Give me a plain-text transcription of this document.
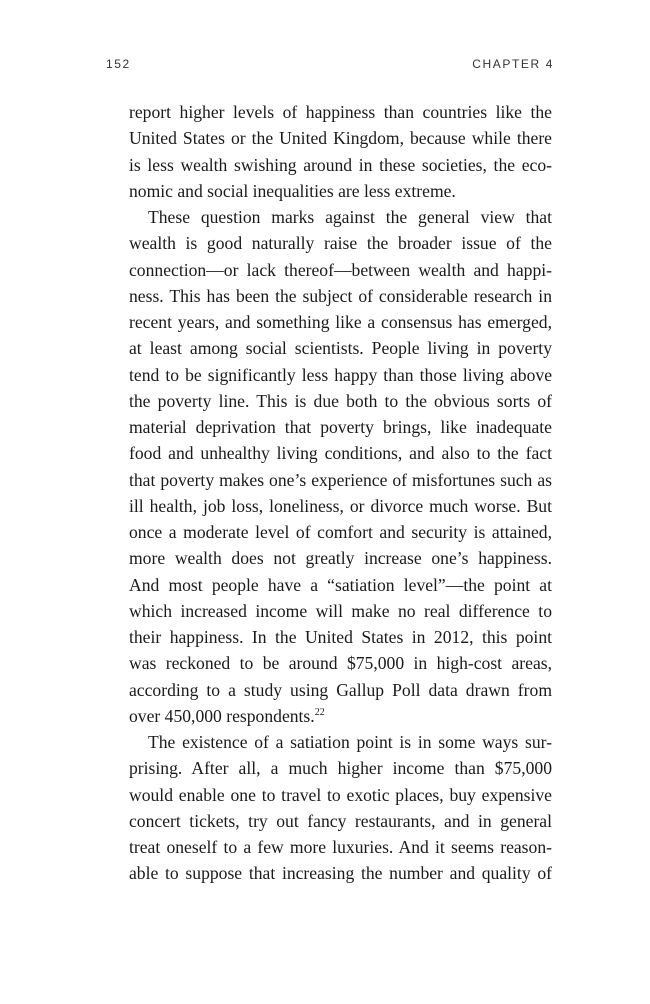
152	CHAPTER 4
report higher levels of happiness than countries like the
United States or the United Kingdom, because while there
is less wealth swishing around in these societies, the eco-
nomic and social inequalities are less extreme.
These question marks against the general view that
wealth is good naturally raise the broader issue of the
connection—or lack thereof—between wealth and happi-
ness. This has been the subject of considerable research in
recent years, and something like a consensus has emerged,
at least among social scientists. People living in poverty
tend to be significantly less happy than those living above
the poverty line. This is due both to the obvious sorts of
material deprivation that poverty brings, like inadequate
food and unhealthy living conditions, and also to the fact
that poverty makes one’s experience of misfortunes such as
ill health, job loss, loneliness, or divorce much worse. But
once a moderate level of comfort and security is attained,
more wealth does not greatly increase one’s happiness.
And most people have a “satiation level”—the point at
which increased income will make no real difference to
their happiness. In the United States in 2012, this point
was reckoned to be around $75,000 in high-cost areas,
according to a study using Gallup Poll data drawn from
over 450,000 respondents.$^{22}$
The existence of a satiation point is in some ways sur-
prising. After all, a much higher income than $75,000
would enable one to travel to exotic places, buy expensive
concert tickets, try out fancy restaurants, and in general
treat oneself to a few more luxuries. And it seems reason-
able to suppose that increasing the number and quality of
